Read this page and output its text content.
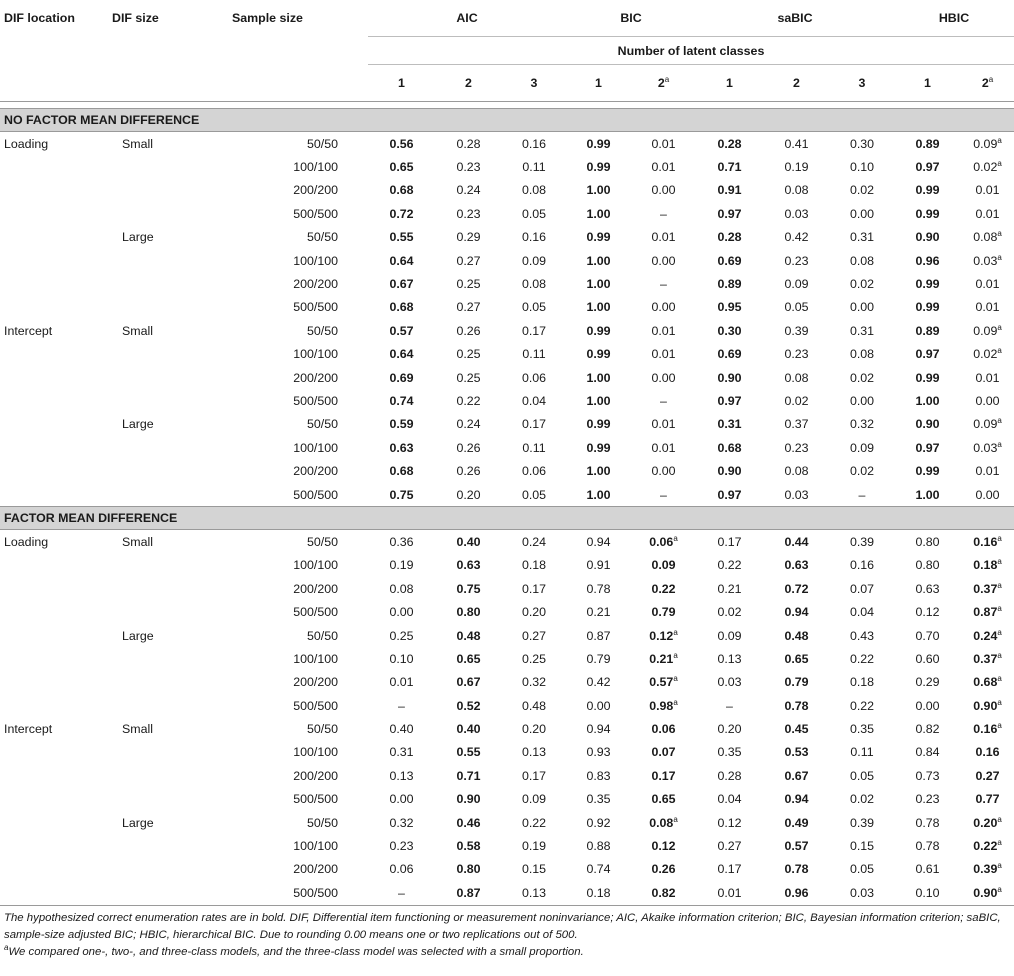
DIF location	DIF size	Sample size	AIC			BIC		saBIC			HBIC	
			Number of latent classes									
			1	2	3	1	2$^a$	1	2	3	1	2$^a$

NO FACTOR MEAN DIFFERENCE												
Loading	Small	50/50	0.56	0.28	0.16	0.99	0.01	0.28	0.41	0.30	0.89	0.09$^a$
		100/100	0.65	0.23	0.11	0.99	0.01	0.71	0.19	0.10	0.97	0.02$^a$
		200/200	0.68	0.24	0.08	1.00	0.00	0.91	0.08	0.02	0.99	0.01
		500/500	0.72	0.23	0.05	1.00	–	0.97	0.03	0.00	0.99	0.01
	Large	50/50	0.55	0.29	0.16	0.99	0.01	0.28	0.42	0.31	0.90	0.08$^a$
		100/100	0.64	0.27	0.09	1.00	0.00	0.69	0.23	0.08	0.96	0.03$^a$
		200/200	0.67	0.25	0.08	1.00	–	0.89	0.09	0.02	0.99	0.01
		500/500	0.68	0.27	0.05	1.00	0.00	0.95	0.05	0.00	0.99	0.01
Intercept	Small	50/50	0.57	0.26	0.17	0.99	0.01	0.30	0.39	0.31	0.89	0.09$^a$
		100/100	0.64	0.25	0.11	0.99	0.01	0.69	0.23	0.08	0.97	0.02$^a$
		200/200	0.69	0.25	0.06	1.00	0.00	0.90	0.08	0.02	0.99	0.01
		500/500	0.74	0.22	0.04	1.00	–	0.97	0.02	0.00	1.00	0.00
	Large	50/50	0.59	0.24	0.17	0.99	0.01	0.31	0.37	0.32	0.90	0.09$^a$
		100/100	0.63	0.26	0.11	0.99	0.01	0.68	0.23	0.09	0.97	0.03$^a$
		200/200	0.68	0.26	0.06	1.00	0.00	0.90	0.08	0.02	0.99	0.01
		500/500	0.75	0.20	0.05	1.00	–	0.97	0.03	–	1.00	0.00
FACTOR MEAN DIFFERENCE												
Loading	Small	50/50	0.36	0.40	0.24	0.94	0.06$^a$	0.17	0.44	0.39	0.80	0.16$^a$
		100/100	0.19	0.63	0.18	0.91	0.09	0.22	0.63	0.16	0.80	0.18$^a$
		200/200	0.08	0.75	0.17	0.78	0.22	0.21	0.72	0.07	0.63	0.37$^a$
		500/500	0.00	0.80	0.20	0.21	0.79	0.02	0.94	0.04	0.12	0.87$^a$
	Large	50/50	0.25	0.48	0.27	0.87	0.12$^a$	0.09	0.48	0.43	0.70	0.24$^a$
		100/100	0.10	0.65	0.25	0.79	0.21$^a$	0.13	0.65	0.22	0.60	0.37$^a$
		200/200	0.01	0.67	0.32	0.42	0.57$^a$	0.03	0.79	0.18	0.29	0.68$^a$
		500/500	–	0.52	0.48	0.00	0.98$^a$	–	0.78	0.22	0.00	0.90$^a$
Intercept	Small	50/50	0.40	0.40	0.20	0.94	0.06	0.20	0.45	0.35	0.82	0.16$^a$
		100/100	0.31	0.55	0.13	0.93	0.07	0.35	0.53	0.11	0.84	0.16
		200/200	0.13	0.71	0.17	0.83	0.17	0.28	0.67	0.05	0.73	0.27
		500/500	0.00	0.90	0.09	0.35	0.65	0.04	0.94	0.02	0.23	0.77
	Large	50/50	0.32	0.46	0.22	0.92	0.08$^a$	0.12	0.49	0.39	0.78	0.20$^a$
		100/100	0.23	0.58	0.19	0.88	0.12	0.27	0.57	0.15	0.78	0.22$^a$
		200/200	0.06	0.80	0.15	0.74	0.26	0.17	0.78	0.05	0.61	0.39$^a$
		500/500	–	0.87	0.13	0.18	0.82	0.01	0.96	0.03	0.10	0.90$^a$

The hypothesized correct enumeration rates are in bold. DIF, Differential item functioning or measurement noninvariance; AIC, Akaike information criterion; BIC, Bayesian information criterion; saBIC, sample-size adjusted BIC; HBIC, hierarchical BIC. Due to rounding 0.00 means one or two replications out of 500.

$^a$We compared one-, two-, and three-class models, and the three-class model was selected with a small proportion.
